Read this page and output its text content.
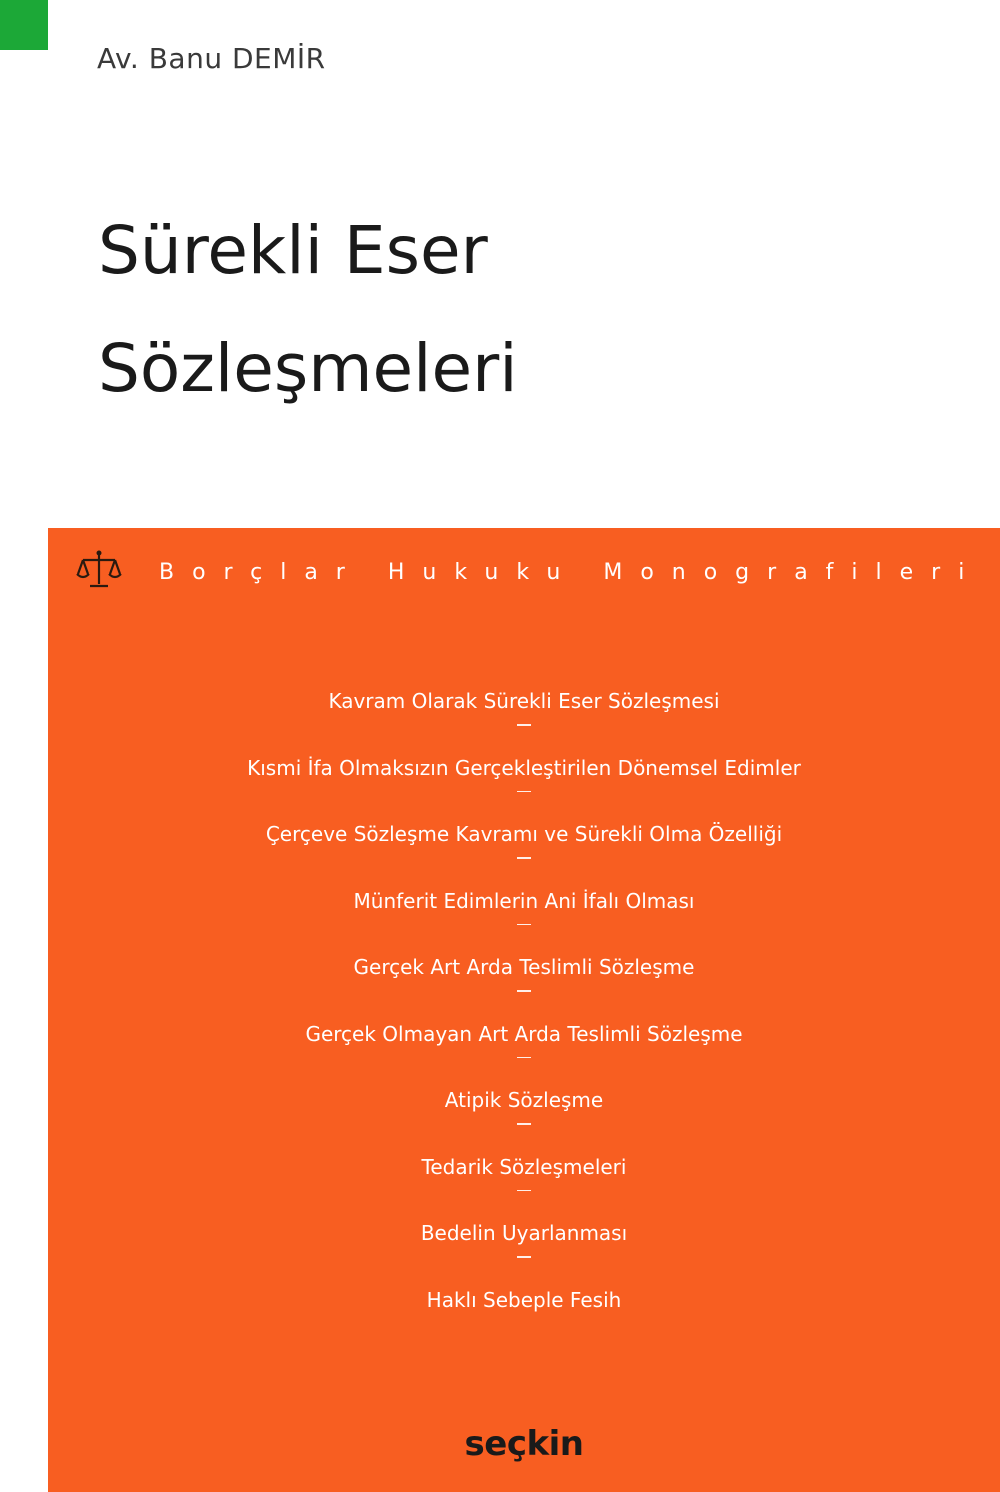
Av. Banu DEMİR
Sürekli Eser
Sözleşmeleri
Borçlar Hukuku Monografileri
Kavram Olarak Sürekli Eser Sözleşmesi
Kısmi İfa Olmaksızın Gerçekleştirilen Dönemsel Edimler
Çerçeve Sözleşme Kavramı ve Sürekli Olma Özelliği
Münferit Edimlerin Ani İfalı Olması
Gerçek Art Arda Teslimli Sözleşme
Gerçek Olmayan Art Arda Teslimli Sözleşme
Atipik Sözleşme
Tedarik Sözleşmeleri
Bedelin Uyarlanması
Haklı Sebeple Fesih
seçkin
